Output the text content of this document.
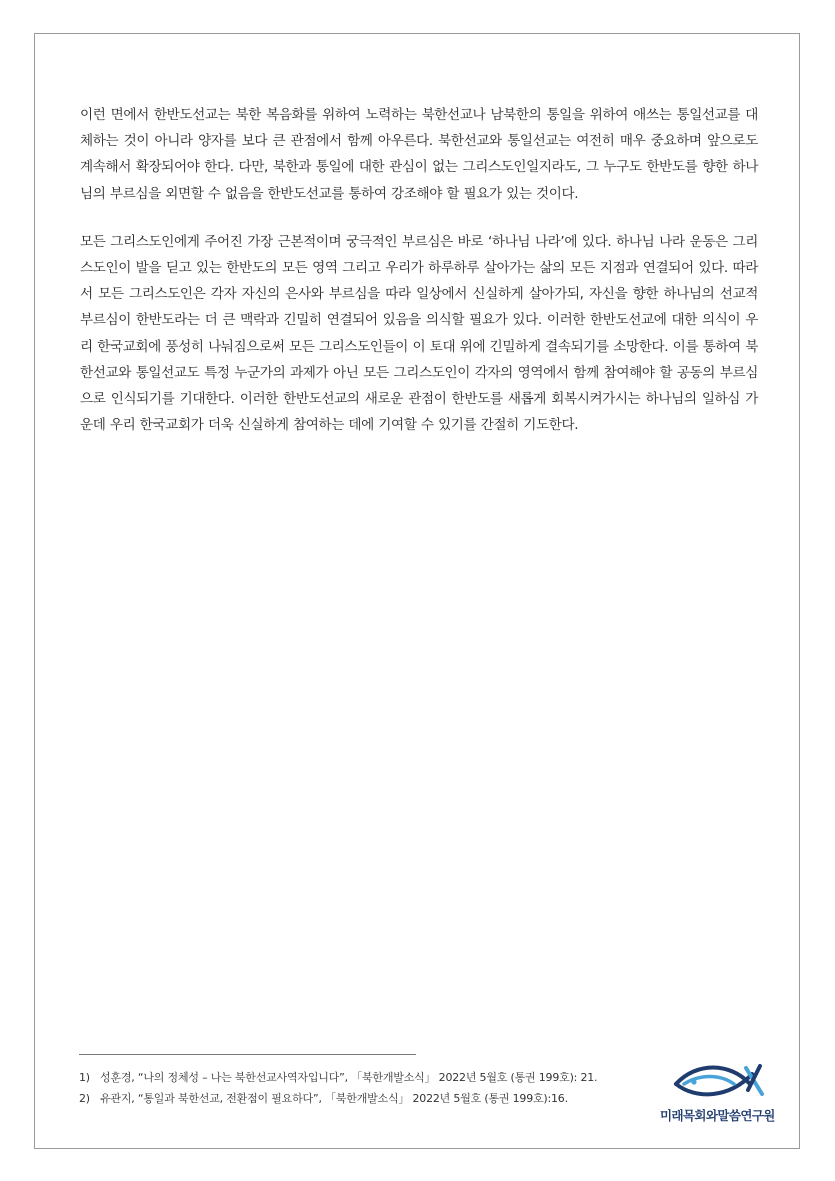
이런 면에서 한반도선교는 북한 복음화를 위하여 노력하는 북한선교나 남북한의 통일을 위하여 애쓰는 통일선교를 대체하는 것이 아니라 양자를 보다 큰 관점에서 함께 아우른다. 북한선교와 통일선교는 여전히 매우 중요하며 앞으로도 계속해서 확장되어야 한다. 다만, 북한과 통일에 대한 관심이 없는 그리스도인일지라도, 그 누구도 한반도를 향한 하나님의 부르심을 외면할 수 없음을 한반도선교를 통하여 강조해야 할 필요가 있는 것이다.

모든 그리스도인에게 주어진 가장 근본적이며 궁극적인 부르심은 바로 ‘하나님 나라’에 있다. 하나님 나라 운동은 그리스도인이 발을 딛고 있는 한반도의 모든 영역 그리고 우리가 하루하루 살아가는 삶의 모든 지점과 연결되어 있다. 따라서 모든 그리스도인은 각자 자신의 은사와 부르심을 따라 일상에서 신실하게 살아가되, 자신을 향한 하나님의 선교적 부르심이 한반도라는 더 큰 맥락과 긴밀히 연결되어 있음을 의식할 필요가 있다. 이러한 한반도선교에 대한 의식이 우리 한국교회에 풍성히 나눠짐으로써 모든 그리스도인들이 이 토대 위에 긴밀하게 결속되기를 소망한다. 이를 통하여 북한선교와 통일선교도 특정 누군가의 과제가 아닌 모든 그리스도인이 각자의 영역에서 함께 참여해야 할 공동의 부르심으로 인식되기를 기대한다. 이러한 한반도선교의 새로운 관점이 한반도를 새롭게 회복시켜가시는 하나님의 일하심 가운데 우리 한국교회가 더욱 신실하게 참여하는 데에 기여할 수 있기를 간절히 기도한다.

1) 성훈경, “나의 정체성 – 나는 북한선교사역자입니다”, 「북한개발소식」 2022년 5월호 (통권 199호): 21.
2) 유관지, “통일과 북한선교, 전환점이 필요하다”, 「북한개발소식」 2022년 5월호 (통권 199호):16.
미래목회와말씀연구원
